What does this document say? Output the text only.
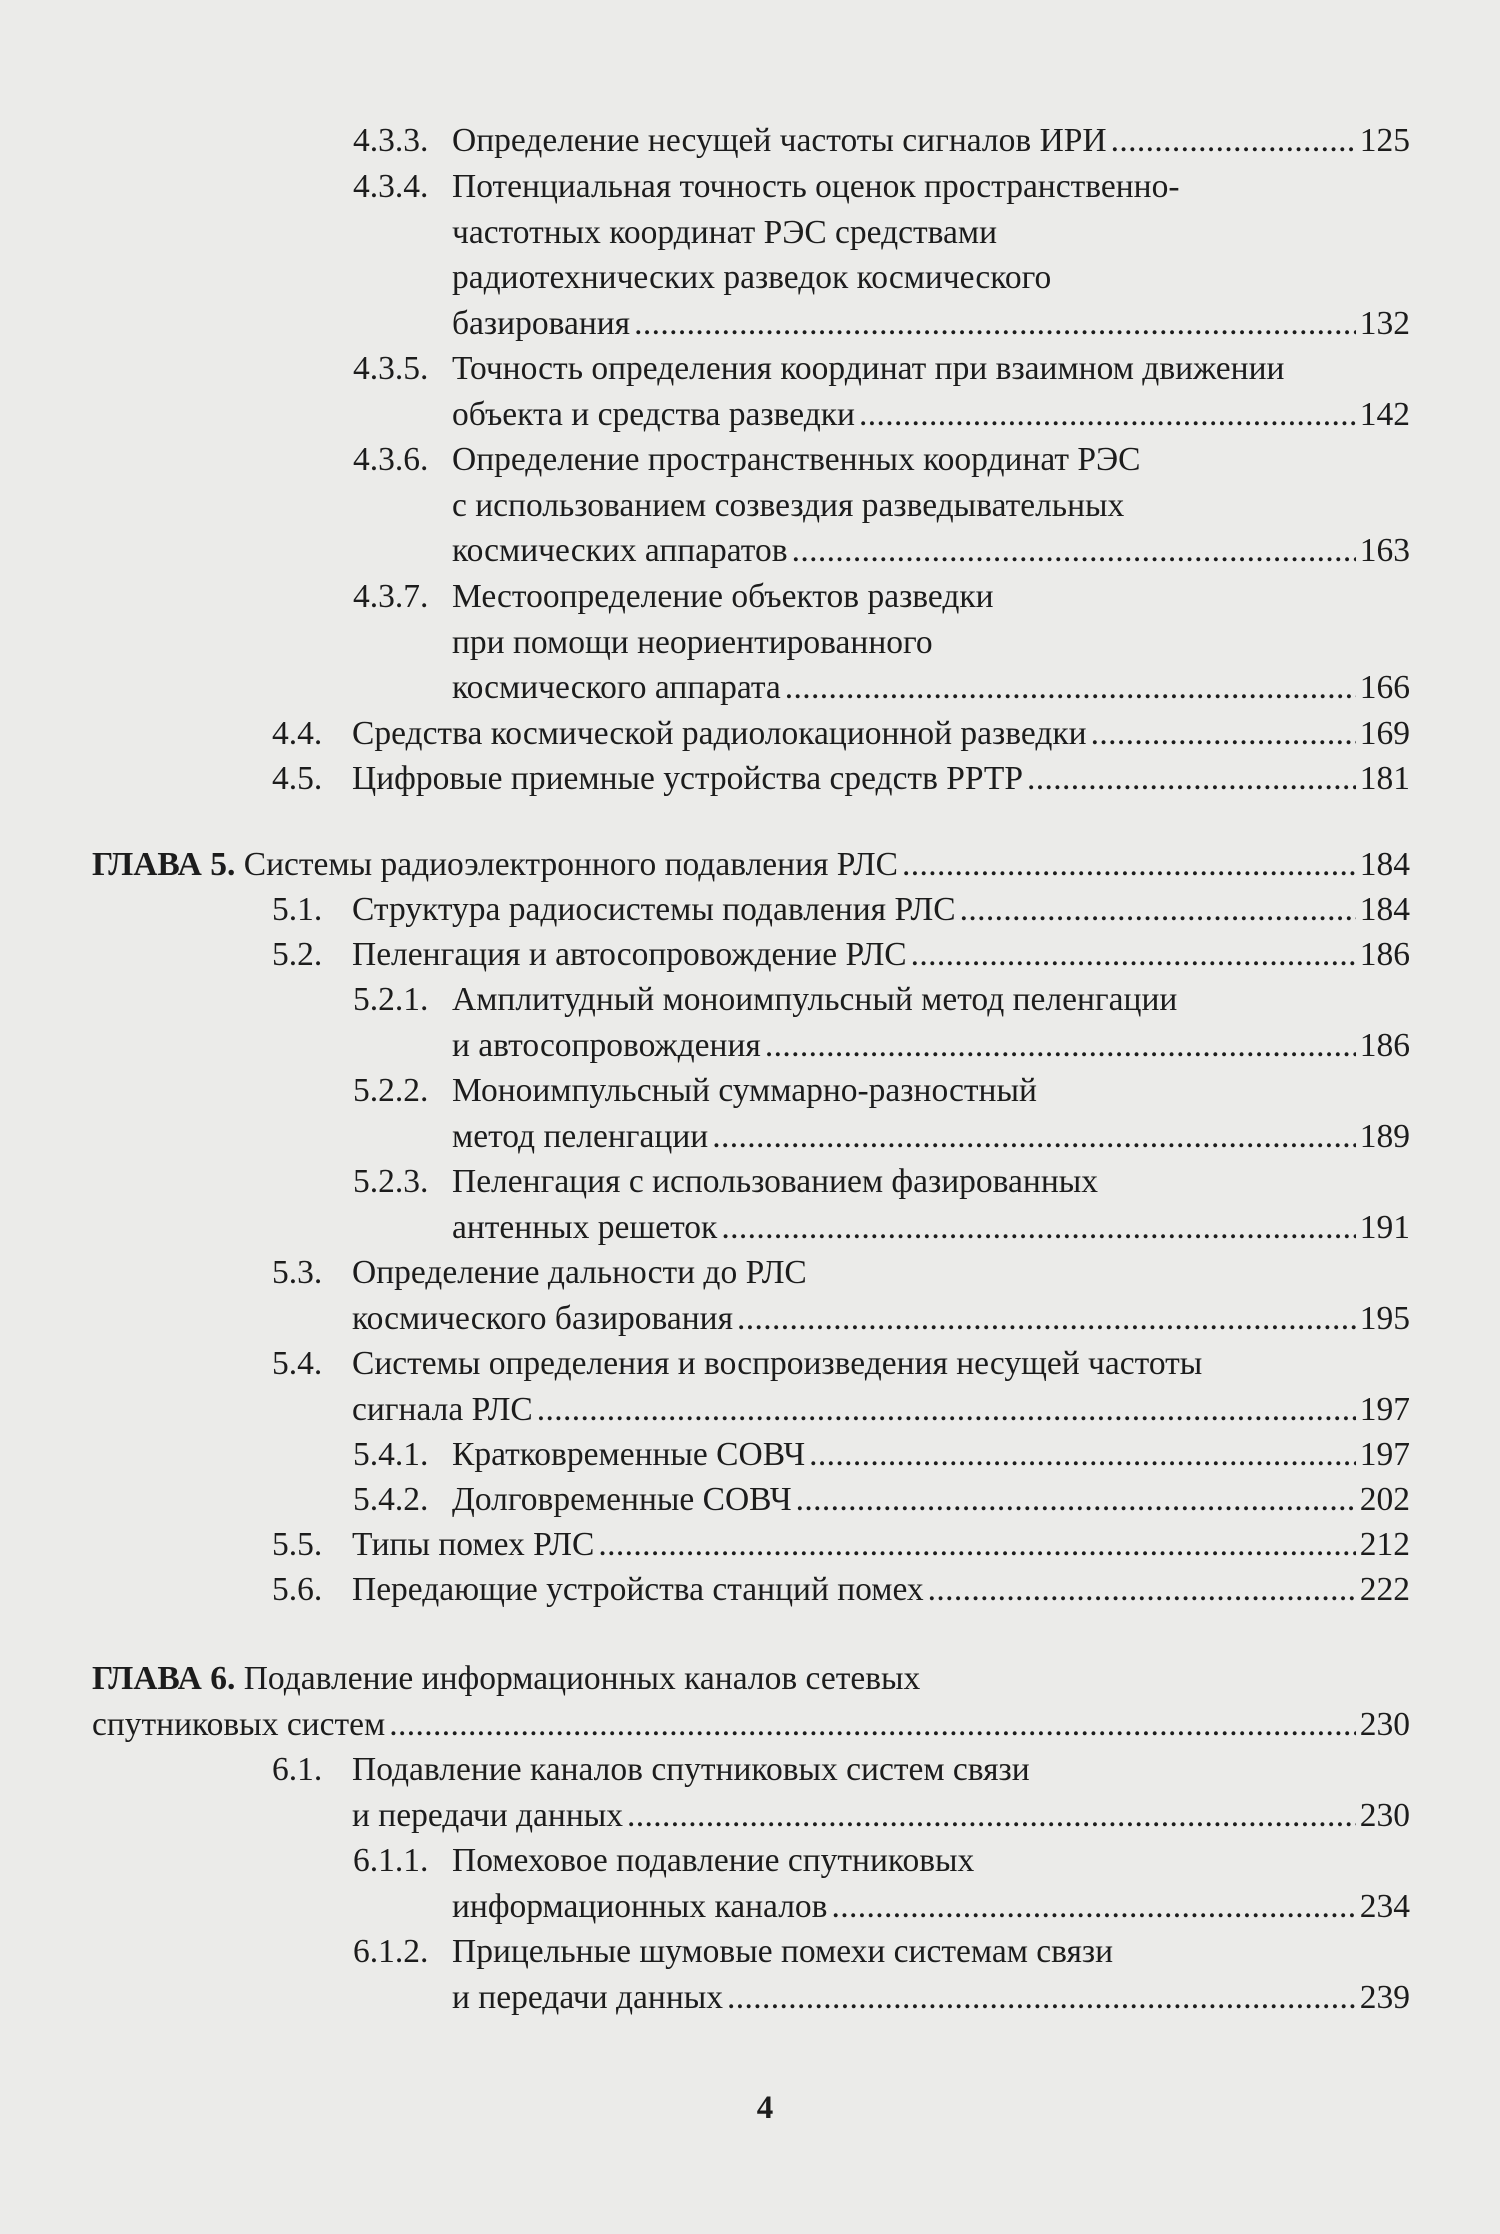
4.3.3. Определение несущей частоты сигналов ИРИ . . .	125
4.3.4. Потенциальная точность оценок пространственно-
частотных координат РЭС средствами
радиотехнических разведок космического
базирования . . .	132
4.3.5. Точность определения координат при взаимном движении
объекта и средства разведки . . .	142
4.3.6. Определение пространственных координат РЭС
с использованием созвездия разведывательных
космических аппаратов . . .	163
4.3.7. Местоопределение объектов разведки
при помощи неориентированного
космического аппарата . . .	166
4.4. Средства космической радиолокационной разведки . . .	169
4.5. Цифровые приемные устройства средств РРТР . . .	181
ГЛАВА 5.
Системы радиоэлектронного подавления РЛС . . .	184
5.1. Структура радиосистемы подавления РЛС . . .	184
5.2. Пеленгация и автосопровождение РЛС . . .	186
5.2.1. Амплитудный моноимпульсный метод пеленгации
и автосопровождения . . .	186
5.2.2. Моноимпульсный суммарно-разностный
метод пеленгации . . .	189
5.2.3. Пеленгация с использованием фазированных
антенных решеток . . .	191
5.3. Определение дальности до РЛС
космического базирования . . .	195
5.4. Системы определения и воспроизведения несущей частоты
сигнала РЛС . . .	197
5.4.1. Кратковременные СОВЧ . . .	197
5.4.2. Долговременные СОВЧ . . .	202
5.5. Типы помех РЛС . . .	212
5.6. Передающие устройства станций помех . . .	222
ГЛАВА 6. Подавление информационных каналов сетевых
спутниковых систем . . .	230
6.1. Подавление каналов спутниковых систем связи
и передачи данных . . .	230
6.1.1. Помеховое подавление спутниковых
информационных каналов . . .	234
6.1.2. Прицельные шумовые помехи системам связи
и передачи данных . . .	239
4
